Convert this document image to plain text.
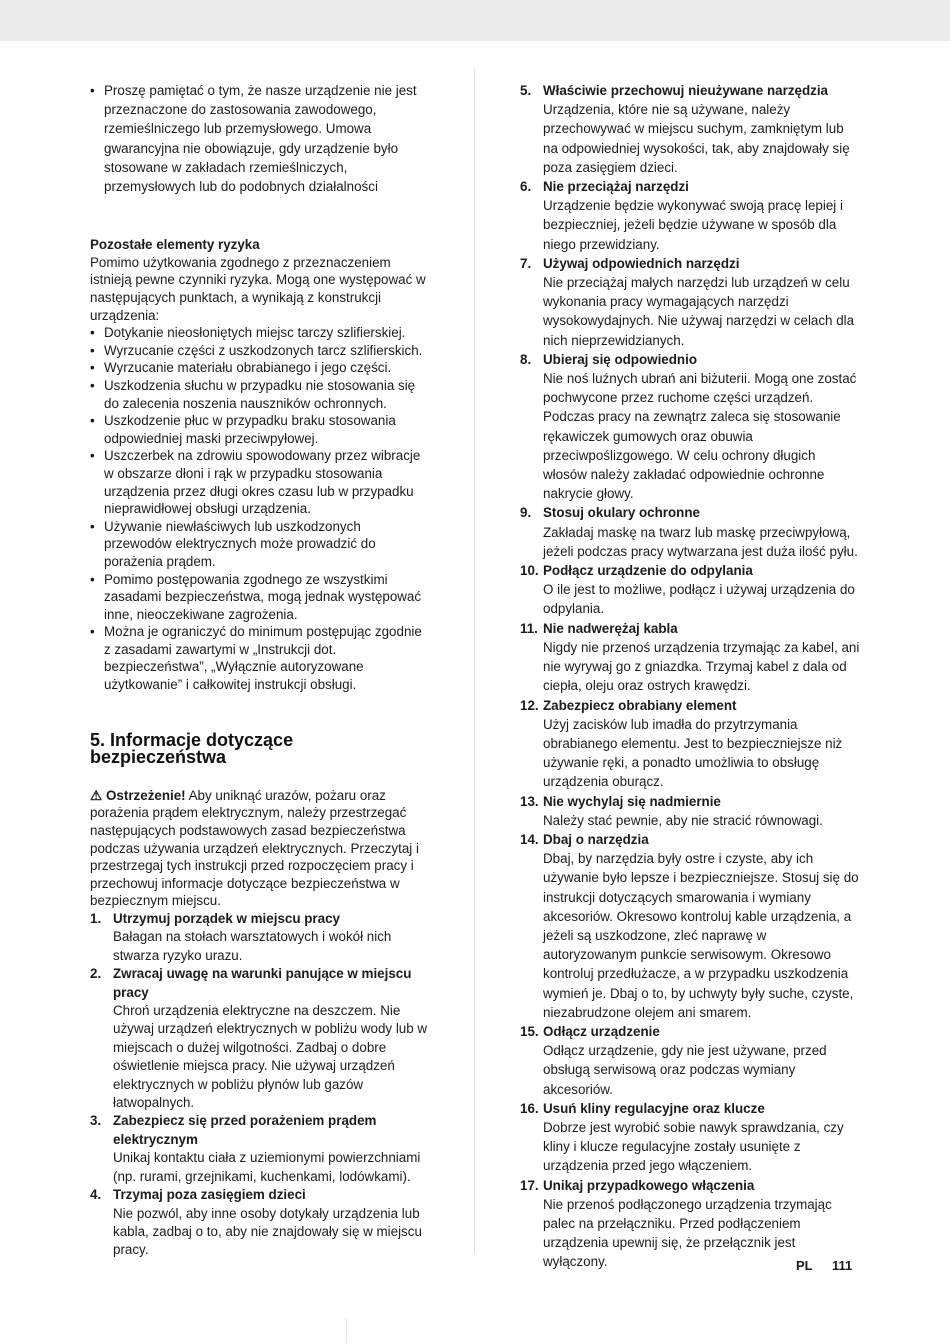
• Proszę pamiętać o tym, że nasze urządzenie nie jest przeznaczone do zastosowania zawodowego, rzemieślniczego lub przemysłowego. Umowa gwarancyjna nie obowiązuje, gdy urządzenie było stosowane w zakładach rzemieślniczych, przemysłowych lub do podobnych działalności
Pozostałe elementy ryzyka
Pomimo użytkowania zgodnego z przeznaczeniem istnieją pewne czynniki ryzyka. Mogą one występować w następujących punktach, a wynikają z konstrukcji urządzenia:
• Dotykanie nieosłoniętych miejsc tarczy szlifierskiej.
• Wyrzucanie części z uszkodzonych tarcz szlifierskich.
• Wyrzucanie materiału obrabianego i jego części.
• Uszkodzenia słuchu w przypadku nie stosowania się do zalecenia noszenia nauszników ochronnych.
• Uszkodzenie płuc w przypadku braku stosowania odpowiedniej maski przeciwpyłowej.
• Uszczerbek na zdrowiu spowodowany przez wibracje w obszarze dłoni i rąk w przypadku stosowania urządzenia przez długi okres czasu lub w przypadku nieprawidłowej obsługi urządzenia.
• Używanie niewłaściwych lub uszkodzonych przewodów elektrycznych może prowadzić do porażenia prądem.
• Pomimo postępowania zgodnego ze wszystkimi zasadami bezpieczeństwa, mogą jednak występować inne, nieoczekiwane zagrożenia.
• Można je ograniczyć do minimum postępując zgodnie z zasadami zawartymi w „Instrukcji dot. bezpieczeństwa”, „Wyłącznie autoryzowane użytkowanie” i całkowitej instrukcji obsługi.
5. Informacje dotyczące bezpieczeństwa
⚠ Ostrzeżenie! Aby uniknąć urazów, pożaru oraz porażenia prądem elektrycznym, należy przestrzegać następujących podstawowych zasad bezpieczeństwa podczas używania urządzeń elektrycznych. Przeczytaj i przestrzegaj tych instrukcji przed rozpoczęciem pracy i przechowuj informacje dotyczące bezpieczeństwa w bezpiecznym miejscu.
1. Utrzymuj porządek w miejscu pracy
Bałagan na stołach warsztatowych i wokół nich stwarza ryzyko urazu.
2. Zwracaj uwagę na warunki panujące w miejscu pracy
Chroń urządzenia elektryczne na deszczem. Nie używaj urządzeń elektrycznych w pobliżu wody lub w miejscach o dużej wilgotności. Zadbaj o dobre oświetlenie miejsca pracy. Nie używaj urządzeń elektrycznych w pobliżu płynów lub gazów łatwopalnych.
3. Zabezpiecz się przed porażeniem prądem elektrycznym
Unikaj kontaktu ciała z uziemionymi powierzchniami (np. rurami, grzejnikami, kuchenkami, lodówkami).
4. Trzymaj poza zasięgiem dzieci
Nie pozwól, aby inne osoby dotykały urządzenia lub kabla, zadbaj o to, aby nie znajdowały się w miejscu pracy.
5. Właściwie przechowuj nieużywane narzędzia
Urządzenia, które nie są używane, należy przechowywać w miejscu suchym, zamkniętym lub na odpowiedniej wysokości, tak, aby znajdowały się poza zasięgiem dzieci.
6. Nie przeciążaj narzędzi
Urządzenie będzie wykonywać swoją pracę lepiej i bezpieczniej, jeżeli będzie używane w sposób dla niego przewidziany.
7. Używaj odpowiednich narzędzi
Nie przeciążaj małych narzędzi lub urządzeń w celu wykonania pracy wymagających narzędzi wysokowydajnych. Nie używaj narzędzi w celach dla nich nieprzewidzianych.
8. Ubieraj się odpowiednio
Nie noś luźnych ubrań ani biżuterii. Mogą one zostać pochwycone przez ruchome części urządzeń. Podczas pracy na zewnątrz zaleca się stosowanie rękawiczek gumowych oraz obuwia przeciwpoślizgowego. W celu ochrony długich włosów należy zakładać odpowiednie ochronne nakrycie głowy.
9. Stosuj okulary ochronne
Zakładaj maskę na twarz lub maskę przeciwpyłową, jeżeli podczas pracy wytwarzana jest duża ilość pyłu.
10. Podłącz urządzenie do odpylania
O ile jest to możliwe, podłącz i używaj urządzenia do odpylania.
11. Nie nadwerężaj kabla
Nigdy nie przenoś urządzenia trzymając za kabel, ani nie wyrywaj go z gniazdka. Trzymaj kabel z dala od ciepła, oleju oraz ostrych krawędzi.
12. Zabezpiecz obrabiany element
Użyj zacisków lub imadła do przytrzymania obrabianego elementu. Jest to bezpieczniejsze niż używanie ręki, a ponadto umożliwia to obsługę urządzenia oburącz.
13. Nie wychylaj się nadmiernie
Należy stać pewnie, aby nie stracić równowagi.
14. Dbaj o narzędzia
Dbaj, by narzędzia były ostre i czyste, aby ich używanie było lepsze i bezpieczniejsze. Stosuj się do instrukcji dotyczących smarowania i wymiany akcesoriów. Okresowo kontroluj kable urządzenia, a jeżeli są uszkodzone, zleć naprawę w autoryzowanym punkcie serwisowym. Okresowo kontroluj przedłużacze, a w przypadku uszkodzenia wymień je. Dbaj o to, by uchwyty były suche, czyste, niezabrudzone olejem ani smarem.
15. Odłącz urządzenie
Odłącz urządzenie, gdy nie jest używane, przed obsługą serwisową oraz podczas wymiany akcesoriów.
16. Usuń kliny regulacyjne oraz klucze
Dobrze jest wyrobić sobie nawyk sprawdzania, czy kliny i klucze regulacyjne zostały usunięte z urządzenia przed jego włączeniem.
17. Unikaj przypadkowego włączenia
Nie przenoś podłączonego urządzenia trzymając palec na przełączniku. Przed podłączeniem urządzenia upewnij się, że przełącznik jest wyłączony.	PL 111
